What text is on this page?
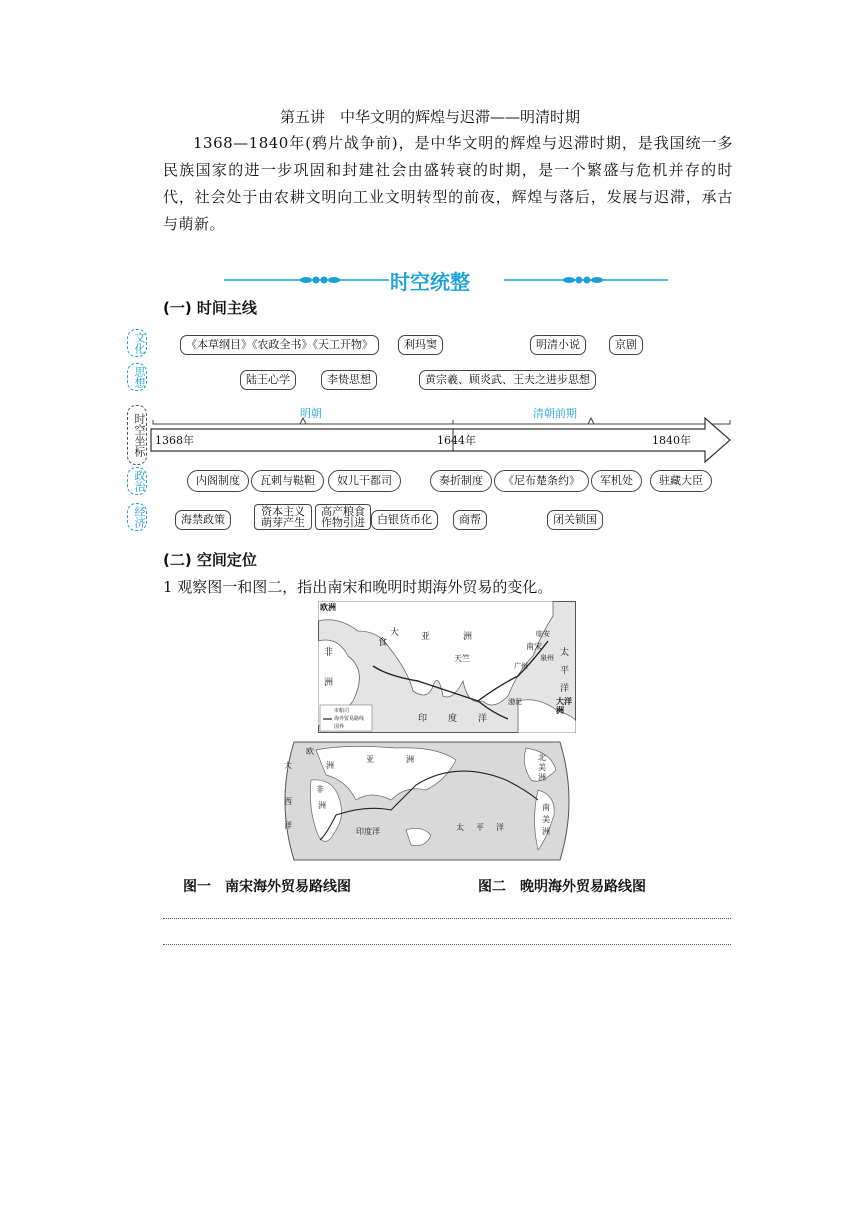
第五讲　中华文明的辉煌与迟滞——明清时期
1368—1840年(鸦片战争前)，是中华文明的辉煌与迟滞时期，是我国统一多民族国家的进一步巩固和封建社会由盛转衰的时期，是一个繁盛与危机并存的时代，社会处于由农耕文明向工业文明转型的前夜，辉煌与落后，发展与迟滞，承古与萌新。
时空统整
(一) 时间主线
文化
思想
时空坐标
政治
经济
《本草纲目》《农政全书》《天工开物》	利玛窦	明清小说	京剧
陆王心学	李贽思想	黄宗羲、顾炎武、王夫之进步思想
明朝	清朝前期
1368年	1644年	1840年
内阁制度	瓦剌与鞑靼	奴儿干都司	奏折制度	《尼布楚条约》	军机处	驻藏大臣
海禁政策
资本主义萌芽产生
高产粮食作物引进	白银货币化	商帮	闭关锁国
(二) 空间定位
1 观察图一和图二，指出南宋和晚明时期海外贸易的变化。
欧洲
大
食
亚	洲
非
洲
天竺
南宋
临安
泉州
广州
渤泥
太
平
洋
印 度 洋
大洋洲
市舶司
海外贸易路线
国界
欧
洲
亚	洲
非
洲
印度洋	太 平 洋
北
美
洲
南
美
洲
大
西
洋
图一　南宋海外贸易路线图	图二　晚明海外贸易路线图
